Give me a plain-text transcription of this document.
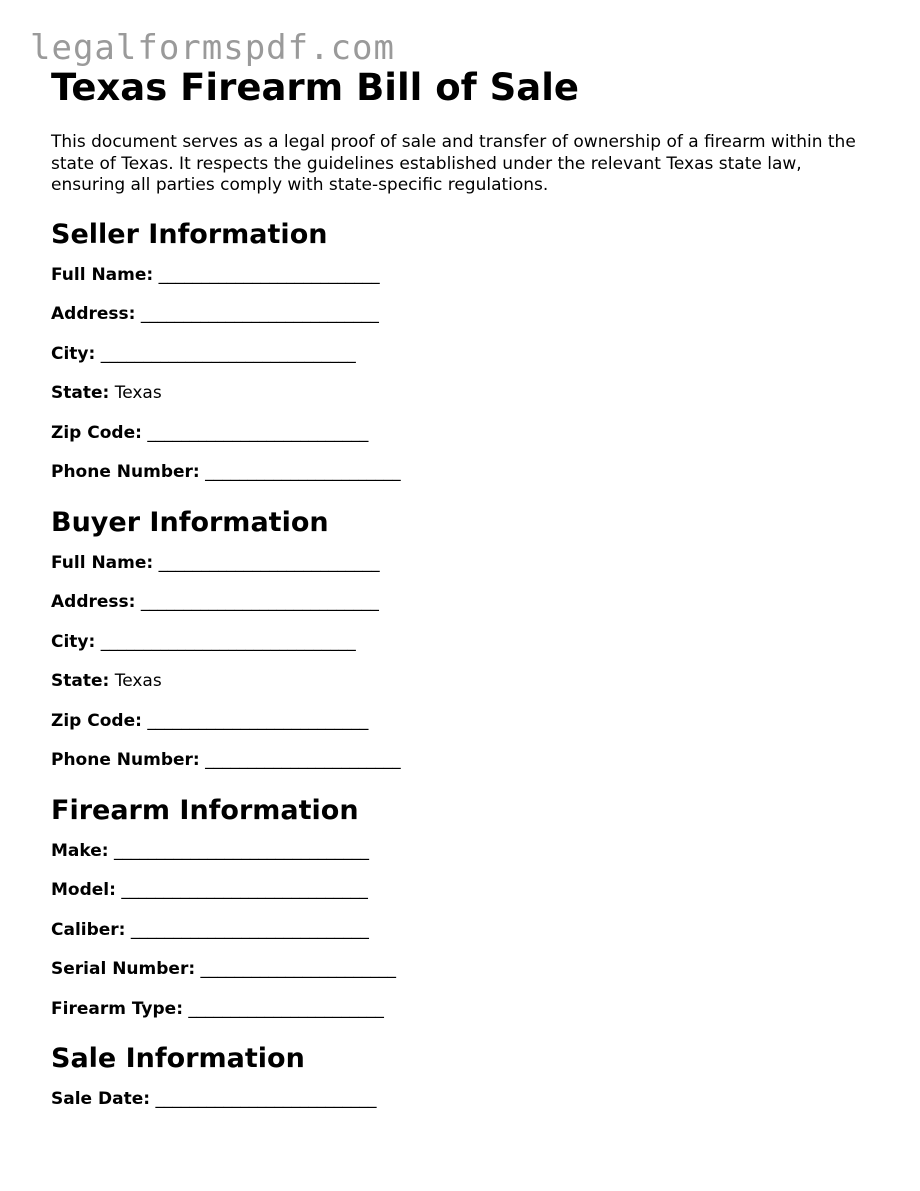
legalformspdf.com
Texas Firearm Bill of Sale

This document serves as a legal proof of sale and transfer of ownership of a firearm within the state of Texas. It respects the guidelines established under the relevant Texas state law, ensuring all parties comply with state-specific regulations.

Seller Information
Full Name: __________________________
Address: ____________________________
City: ______________________________
State: Texas
Zip Code: __________________________
Phone Number: _______________________
Buyer Information
Full Name: __________________________
Address: ____________________________
City: ______________________________
State: Texas
Zip Code: __________________________
Phone Number: _______________________
Firearm Information
Make: ______________________________
Model: _____________________________
Caliber: ____________________________
Serial Number: _______________________
Firearm Type: _______________________
Sale Information
Sale Date: __________________________
